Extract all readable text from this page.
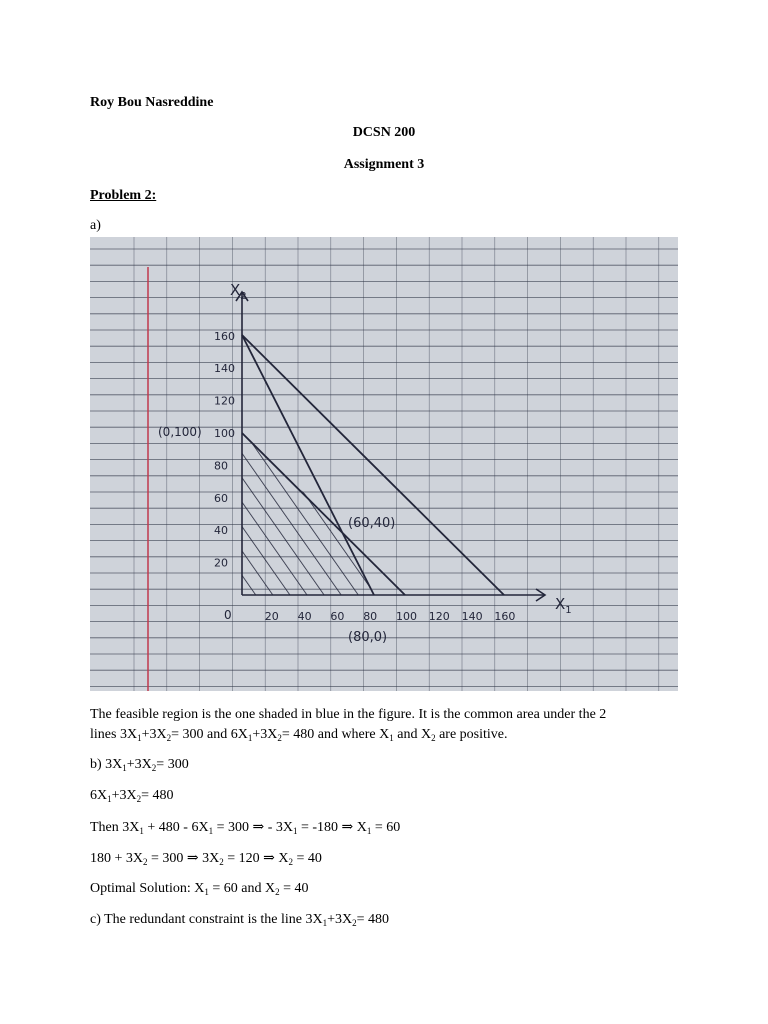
Roy Bou Nasreddine
DCSN 200
Assignment 3
Problem 2:
a)
$X_2$
$X_1$
0	20 40 60 80 100 120 140 160
20
40
60
80
100
120
140
160
(0,100)
(60,40)
(80,0)
The feasible region is the one shaded in blue in the figure. It is the common area under the 2
lines $3X_1+3X_2= 300$ and $6X_1+3X_2= 480$ and where $X_1$ and $X_2$ are positive.
b) $3X_1+3X_2= 300$
$6X_1+3X_2= 480$
Then $3X_1 + 480 - 6X_1 = 300$ ⇒ - $3X_1 = -180$ ⇒ $X_1 = 60$
$180 + 3X_2 = 300$ ⇒ $3X_2 = 120$ ⇒ $X_2 = 40$
Optimal Solution: $X_1 = 60$ and $X_2 = 40$
c) The redundant constraint is the line $3X_1+3X_2= 480$
